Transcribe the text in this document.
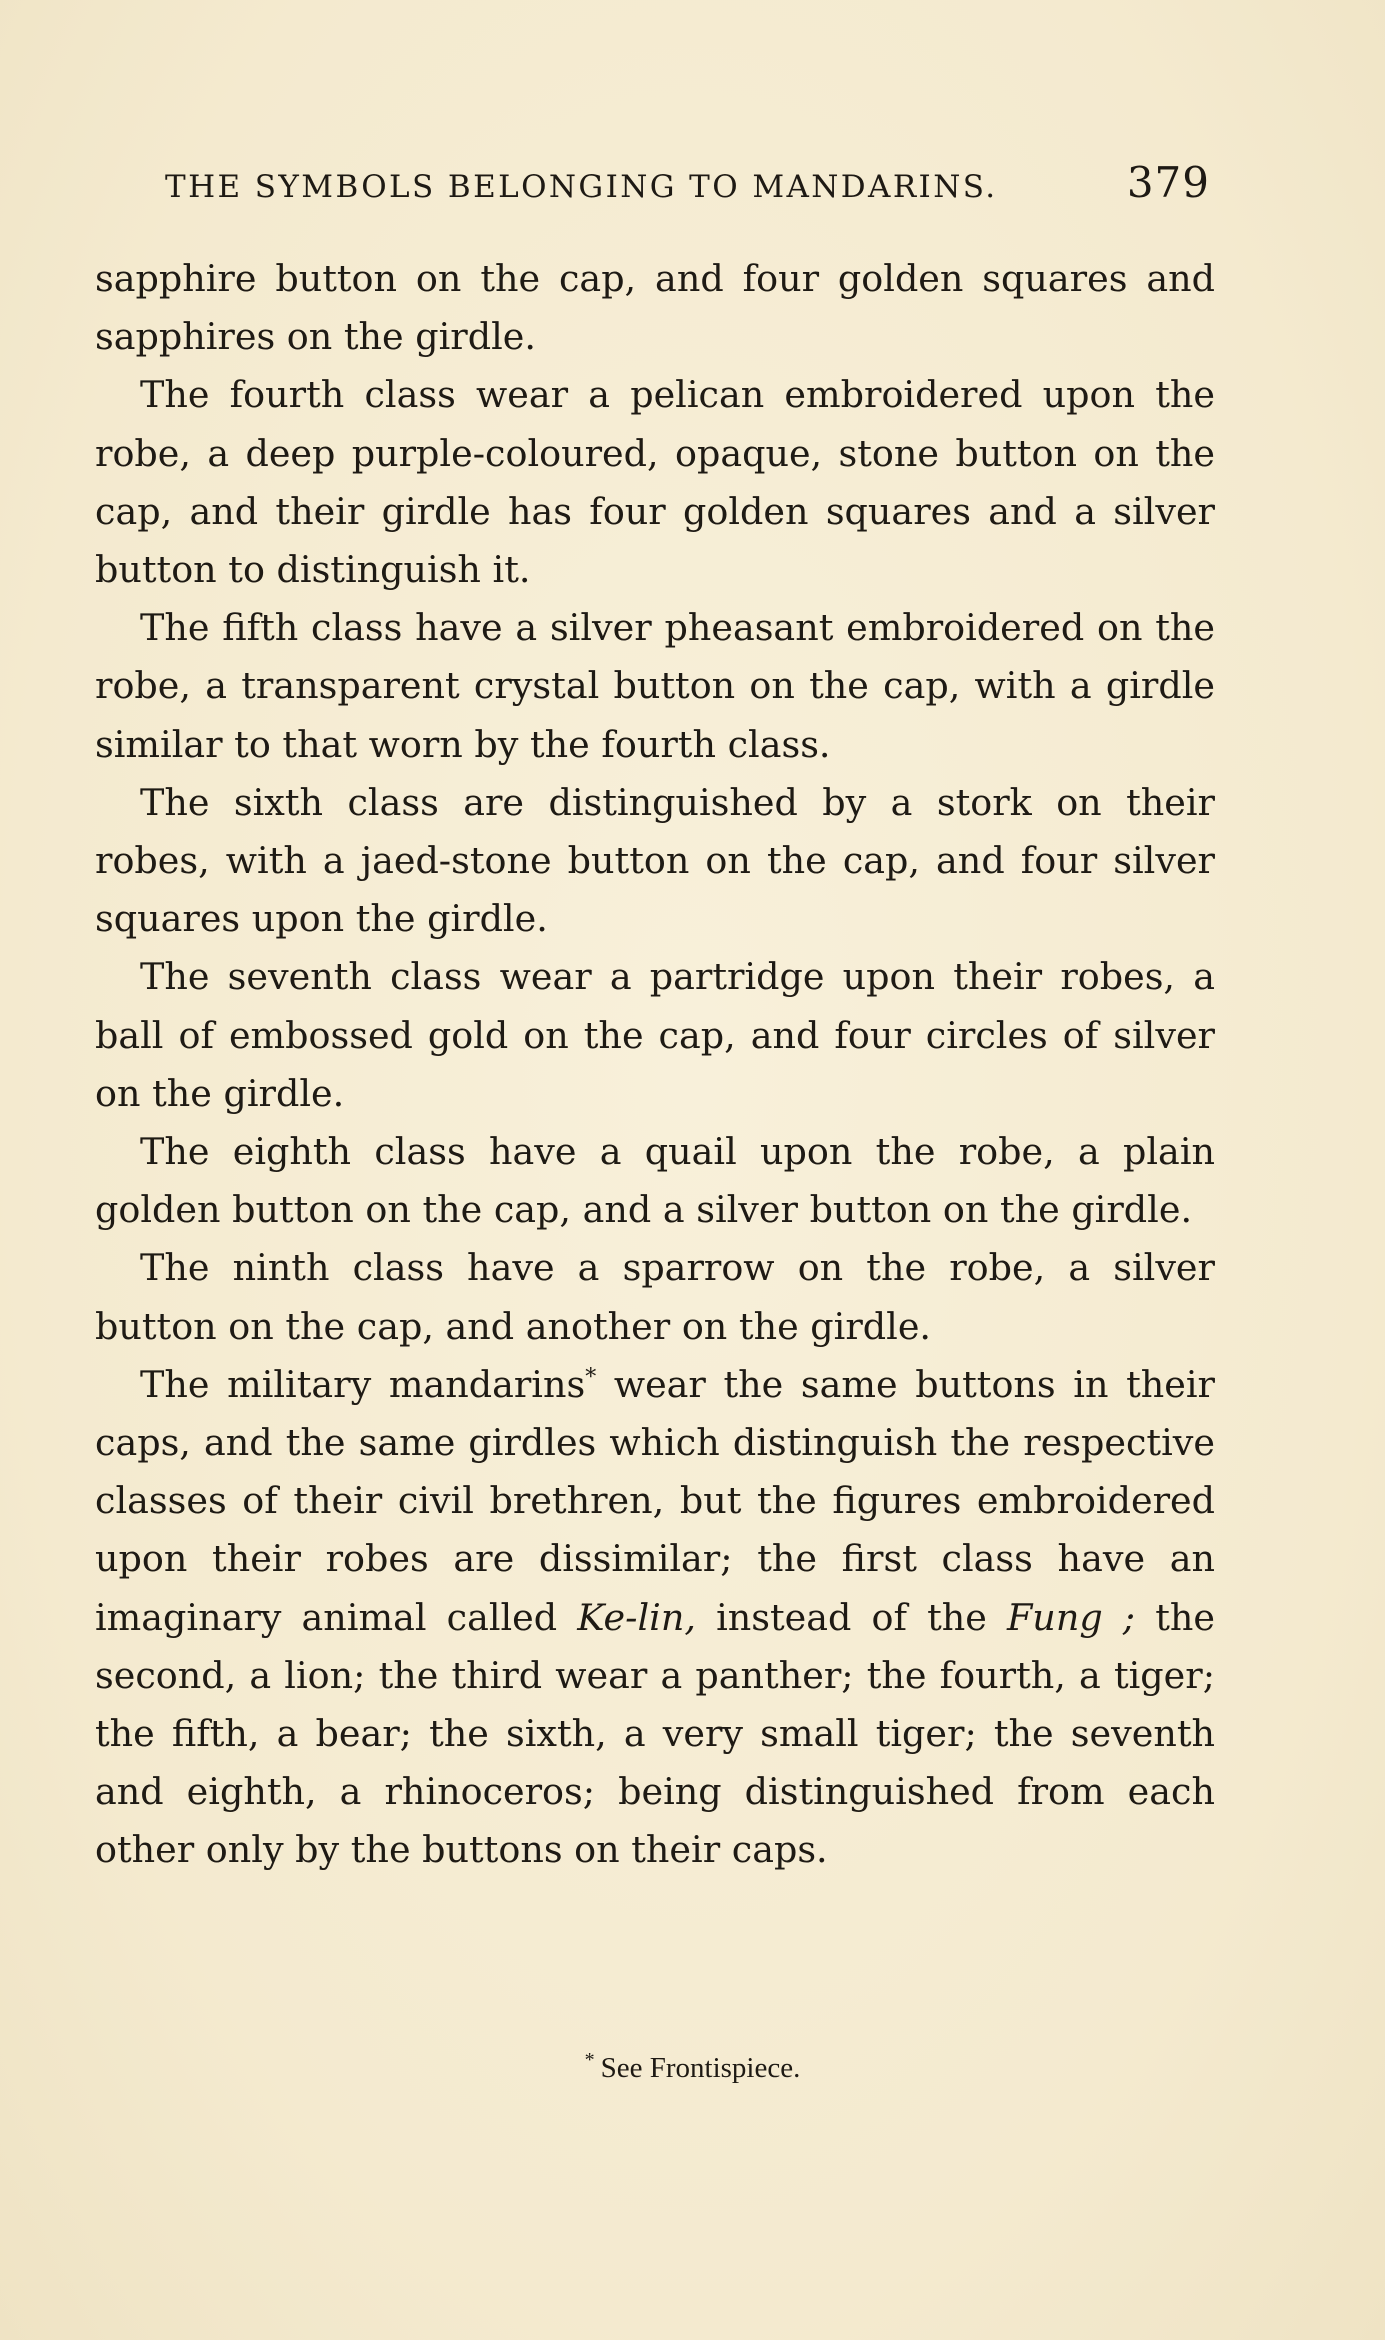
THE SYMBOLS BELONGING TO MANDARINS.	379

sapphire button on the cap, and four golden squares and sapphires on the girdle.

The fourth class wear a pelican embroidered upon the robe, a deep purple-coloured, opaque, stone button on the cap, and their girdle has four golden squares and a silver button to distinguish it.

The fifth class have a silver pheasant embroidered on the robe, a transparent crystal button on the cap, with a girdle similar to that worn by the fourth class.

The sixth class are distinguished by a stork on their robes, with a jaed-stone button on the cap, and four silver squares upon the girdle.

The seventh class wear a partridge upon their robes, a ball of embossed gold on the cap, and four circles of silver on the girdle.

The eighth class have a quail upon the robe, a plain golden button on the cap, and a silver button on the girdle.

The ninth class have a sparrow on the robe, a silver button on the cap, and another on the girdle.

The military mandarins* wear the same buttons in their caps, and the same girdles which distinguish the respective classes of their civil brethren, but the figures embroidered upon their robes are dissimilar; the first class have an imaginary animal called Ke-lin, instead of the Fung ; the second, a lion; the third wear a panther; the fourth, a tiger; the fifth, a bear; the sixth, a very small tiger; the seventh and eighth, a rhinoceros; being distinguished from each other only by the buttons on their caps.

* See Frontispiece.
